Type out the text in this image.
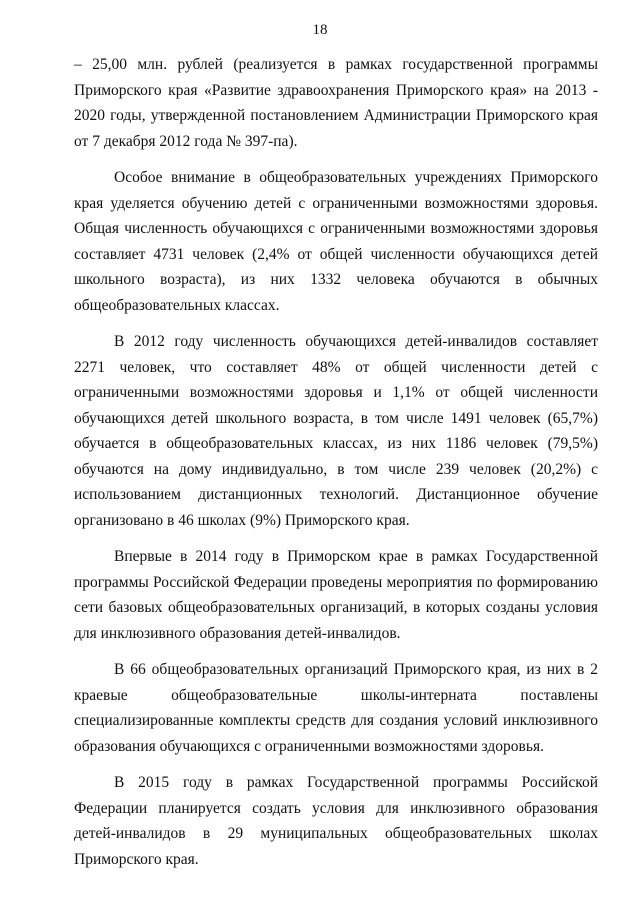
18

– 25,00 млн. рублей (реализуется в рамках государственной программы Приморского края «Развитие здравоохранения Приморского края» на 2013 - 2020 годы, утвержденной постановлением Администрации Приморского края от 7 декабря 2012 года № 397-па).

Особое внимание в общеобразовательных учреждениях Приморского края уделяется обучению детей с ограниченными возможностями здоровья. Общая численность обучающихся с ограниченными возможностями здоровья составляет 4731 человек (2,4% от общей численности обучающихся детей школьного возраста), из них 1332 человека обучаются в обычных общеобразовательных классах.

В 2012 году численность обучающихся детей-инвалидов составляет 2271 человек, что составляет 48% от общей численности детей с ограниченными возможностями здоровья и 1,1% от общей численности обучающихся детей школьного возраста, в том числе 1491 человек (65,7%) обучается в общеобразовательных классах, из них 1186 человек (79,5%) обучаются на дому индивидуально, в том числе 239 человек (20,2%) с использованием дистанционных технологий. Дистанционное обучение организовано в 46 школах (9%) Приморского края.

Впервые в 2014 году в Приморском крае в рамках Государственной программы Российской Федерации проведены мероприятия по формированию сети базовых общеобразовательных организаций, в которых созданы условия для инклюзивного образования детей-инвалидов.

В 66 общеобразовательных организаций Приморского края, из них в 2 краевые общеобразовательные школы-интерната поставлены специализированные комплекты средств для создания условий инклюзивного образования обучающихся с ограниченными возможностями здоровья.

В 2015 году в рамках Государственной программы Российской Федерации планируется создать условия для инклюзивного образования детей-инвалидов в 29 муниципальных общеобразовательных школах Приморского края.
